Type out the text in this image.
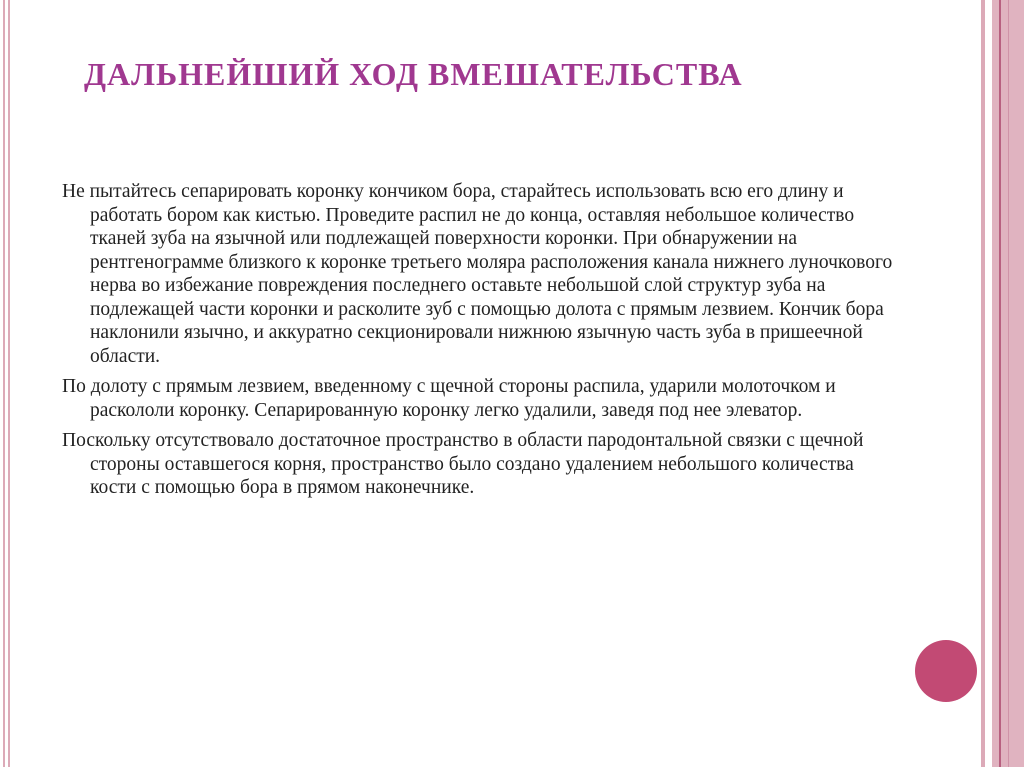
ДАЛЬНЕЙШИЙ ХОД ВМЕШАТЕЛЬСТВА

Не пытайтесь сепарировать коронку кончиком бора, старайтесь использовать всю его длину и работать бором как кистью. Проведите распил не до конца, оставляя небольшое количество тканей зуба на язычной или подлежащей поверхности коронки. При обнаружении на рентгенограмме близкого к коронке третьего моляра расположения канала нижнего луночкового нерва во избежание повреждения последнего оставьте небольшой слой структур зуба на подлежащей части коронки и расколите зуб с помощью долота с прямым лезвием. Кончик бора наклонили язычно, и аккуратно секционировали нижнюю язычную часть зуба в пришеечной области.

По долоту с прямым лезвием, введенному с щечной стороны распила, ударили молоточком и раскололи коронку. Сепарированную коронку легко удалили, заведя под нее элеватор.

Поскольку отсутствовало достаточное пространство в области пародонтальной связки с щечной стороны оставшегося корня, пространство было создано удалением небольшого количества кости с помощью бора в прямом наконечнике.
